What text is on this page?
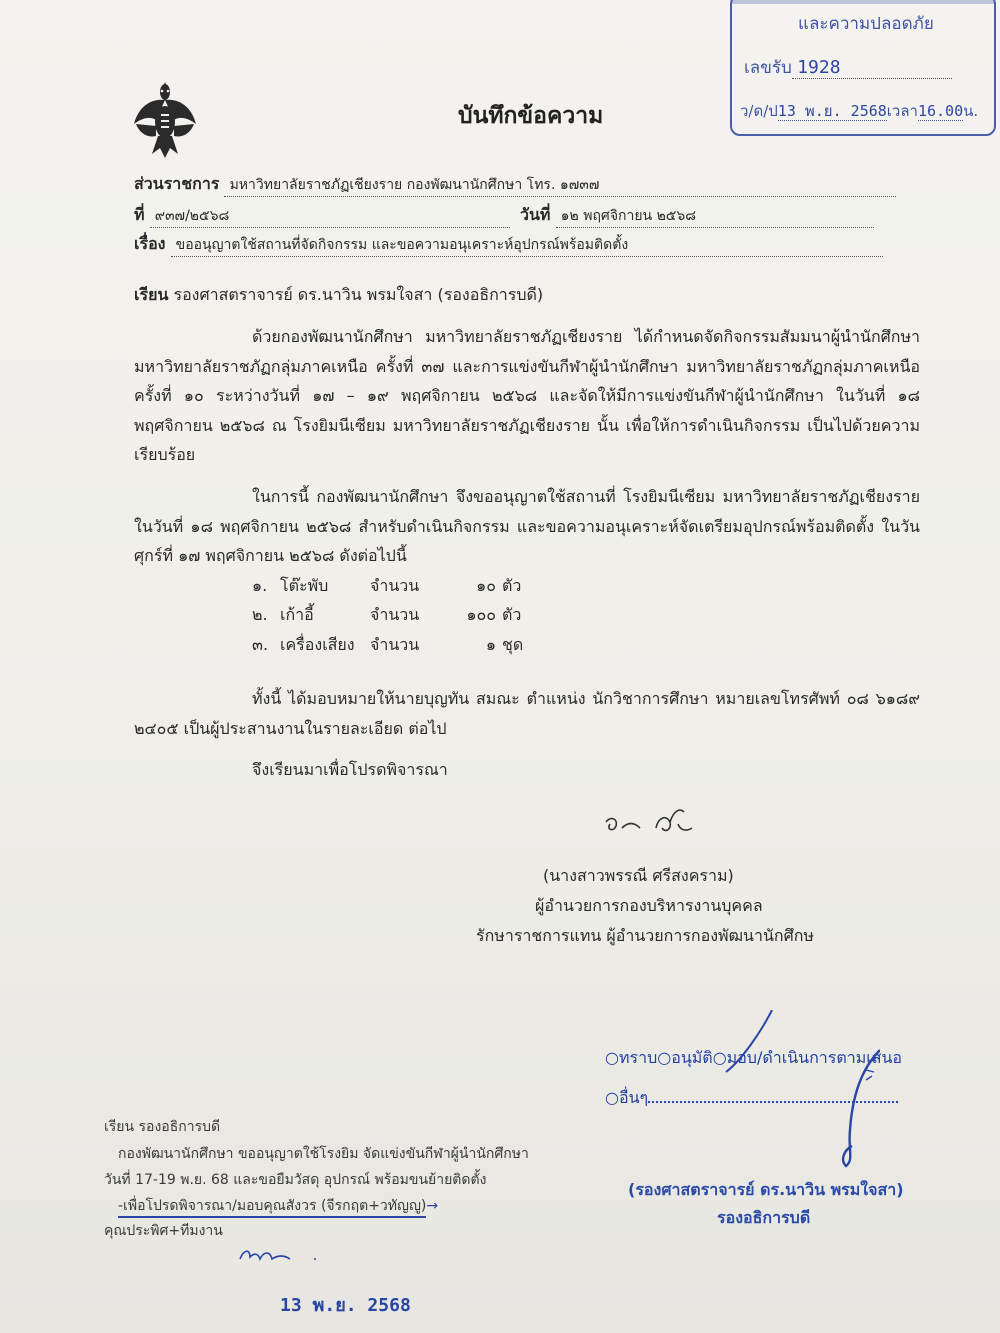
และความปลอดภัย
เลขรับ 1928
ว/ด/ป13 พ.ย. 2568เวลา16.00น.
บันทึกข้อความ
ส่วนราชการ มหาวิทยาลัยราชภัฏเชียงราย กองพัฒนานักศึกษา โทร. ๑๗๓๗
ที่ ๙๓๗/๒๕๖๘	วันที่ ๑๒ พฤศจิกายน ๒๕๖๘
เรื่อง ขออนุญาตใช้สถานที่จัดกิจกรรม และขอความอนุเคราะห์อุปกรณ์พร้อมติดตั้ง
เรียน รองศาสตราจารย์ ดร.นาวิน พรมใจสา (รองอธิการบดี)
ด้วยกองพัฒนานักศึกษา มหาวิทยาลัยราชภัฏเชียงราย ได้กำหนดจัดกิจกรรมสัมมนาผู้นำนักศึกษา มหาวิทยาลัยราชภัฏกลุ่มภาคเหนือ ครั้งที่ ๓๗ และการแข่งขันกีฬาผู้นำนักศึกษา มหาวิทยาลัยราชภัฏกลุ่มภาคเหนือ ครั้งที่ ๑๐ ระหว่างวันที่ ๑๗ – ๑๙ พฤศจิกายน ๒๕๖๘ และจัดให้มีการแข่งขันกีฬาผู้นำนักศึกษา ในวันที่ ๑๘ พฤศจิกายน ๒๕๖๘ ณ โรงยิมนีเซียม มหาวิทยาลัยราชภัฏเชียงราย นั้น เพื่อให้การดำเนินกิจกรรม เป็นไปด้วยความเรียบร้อย
ในการนี้ กองพัฒนานักศึกษา จึงขออนุญาตใช้สถานที่ โรงยิมนีเซียม มหาวิทยาลัยราชภัฏเชียงราย ในวันที่ ๑๘ พฤศจิกายน ๒๕๖๘ สำหรับดำเนินกิจกรรม และขอความอนุเคราะห์จัดเตรียมอุปกรณ์พร้อมติดตั้ง ในวันศุกร์ที่ ๑๗ พฤศจิกายน ๒๕๖๘ ดังต่อไปนี้
๑. โต๊ะพับ	จำนวน	๑๐ ตัว
๒. เก้าอี้	จำนวน	๑๐๐ ตัว
๓. เครื่องเสียง จำนวน	๑ ชุด
ทั้งนี้ ได้มอบหมายให้นายบุญทัน สมณะ ตำแหน่ง นักวิชาการศึกษา หมายเลขโทรศัพท์ ๐๘ ๖๑๘๙ ๒๔๐๕ เป็นผู้ประสานงานในรายละเอียด ต่อไป
จึงเรียนมาเพื่อโปรดพิจารณา
(นางสาวพรรณี ศรีสงคราม)
ผู้อำนวยการกองบริหารงานบุคคล
รักษาราชการแทน ผู้อำนวยการกองพัฒนานักศึกษ
○ทราบ○อนุมัติ○มอบ/ดำเนินการตามเสนอ
○อื่นๆ
(รองศาสตราจารย์ ดร.นาวิน พรมใจสา)
รองอธิการบดี
เรียน รองอธิการบดี
กองพัฒนานักศึกษา ขออนุญาตใช้โรงยิม จัดแข่งขันกีฬาผู้นำนักศึกษา
วันที่ 17-19 พ.ย. 68 และขอยืมวัสดุ อุปกรณ์ พร้อมขนย้ายติดตั้ง
-เพื่อโปรดพิจารณา/มอบคุณสังวร (จีรกฤต+วทัญญู)→
คุณประพิศ+ทีมงาน
13 พ.ย. 2568
